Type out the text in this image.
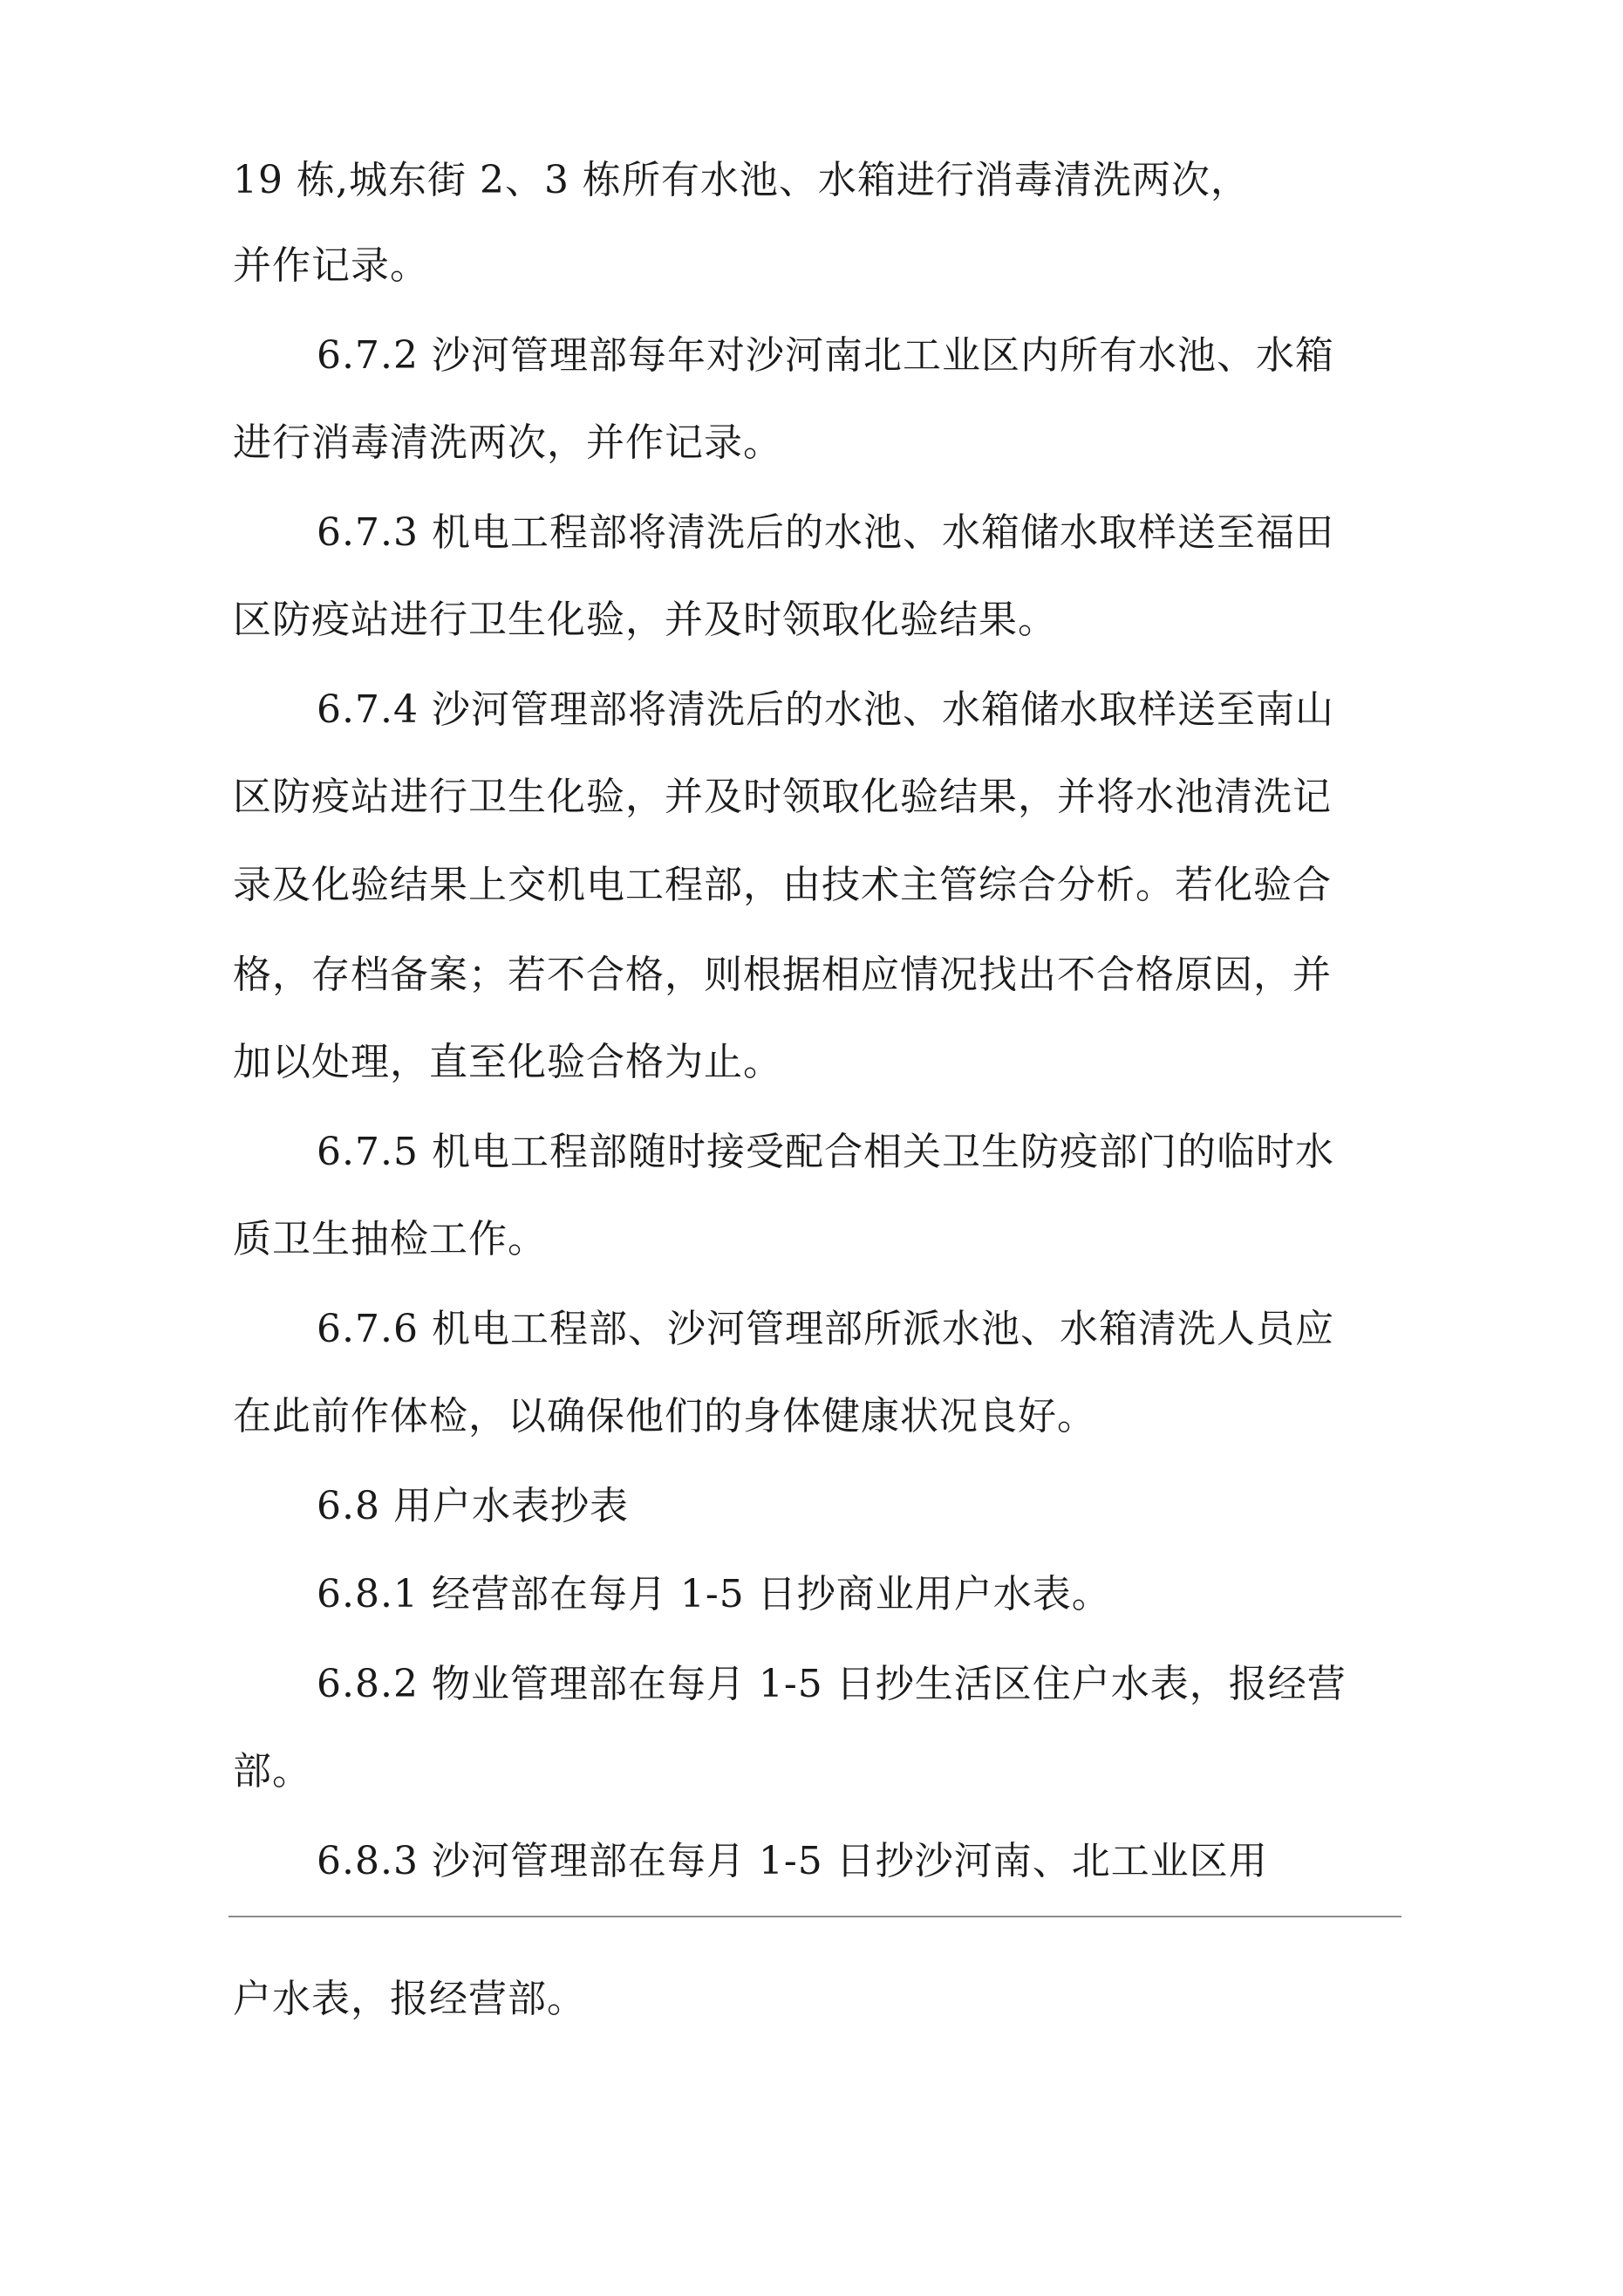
19 栋,城东街 2、3 栋所有水池、水箱进行消毒清洗两次，
并作记录。
6.7.2 沙河管理部每年对沙河南北工业区内所有水池、水箱
进行消毒清洗两次，并作记录。
6.7.3 机电工程部将清洗后的水池、水箱储水取样送至福田
区防疫站进行卫生化验，并及时领取化验结果。
6.7.4 沙河管理部将清洗后的水池、水箱储水取样送至南山
区防疫站进行卫生化验，并及时领取化验结果，并将水池清洗记
录及化验结果上交机电工程部，由技术主管综合分析。若化验合
格，存档备案；若不合格，则根据相应情况找出不合格原因，并
加以处理，直至化验合格为止。
6.7.5 机电工程部随时接受配合相关卫生防疫部门的临时水
质卫生抽检工作。
6.7.6 机电工程部、沙河管理部所派水池、水箱清洗人员应
在此前作体检，以确保他们的身体健康状况良好。
6.8 用户水表抄表
6.8.1 经营部在每月 1-5 日抄商业用户水表。
6.8.2 物业管理部在每月 1-5 日抄生活区住户水表，报经营
部。
6.8.3 沙河管理部在每月 1-5 日抄沙河南、北工业区用
户水表，报经营部。
